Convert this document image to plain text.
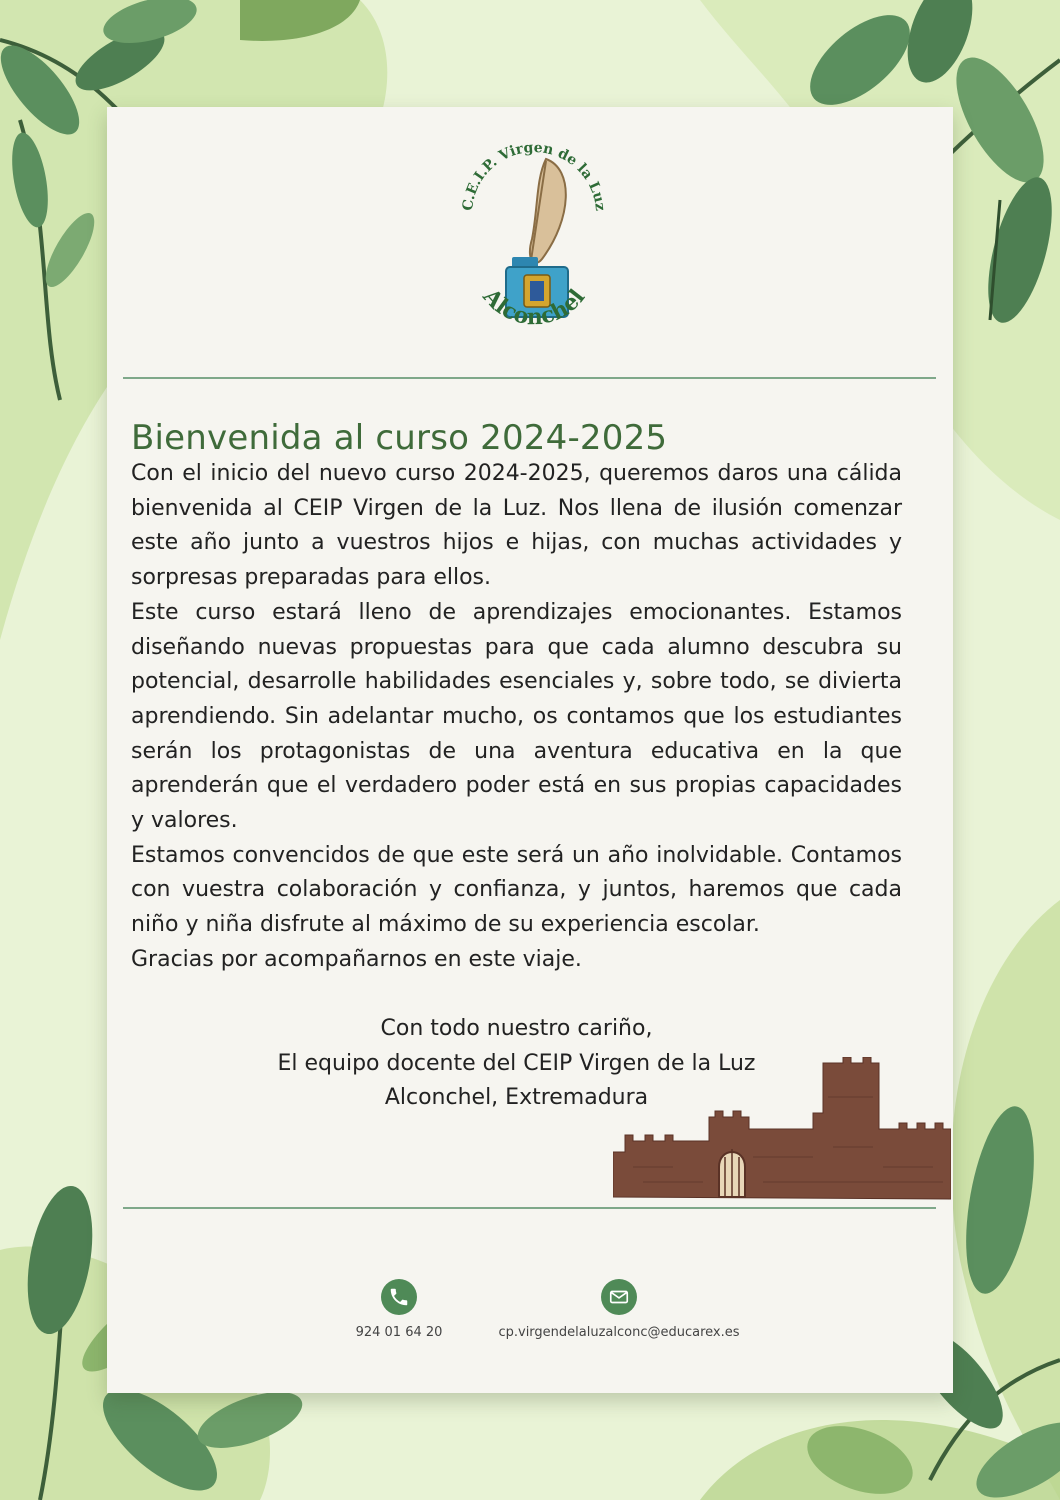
C.E.I.P. Virgen de la Luz
Alconchel
Bienvenida al curso 2024-2025

Con el inicio del nuevo curso 2024-2025, queremos daros una cálida bienvenida al CEIP Virgen de la Luz. Nos llena de ilusión comenzar este año junto a vuestros hijos e hijas, con muchas actividades y sorpresas preparadas para ellos.

Este curso estará lleno de aprendizajes emocionantes. Estamos diseñando nuevas propuestas para que cada alumno descubra su potencial, desarrolle habilidades esenciales y, sobre todo, se divierta aprendiendo. Sin adelantar mucho, os contamos que los estudiantes serán los protagonistas de una aventura educativa en la que aprenderán que el verdadero poder está en sus propias capacidades y valores.

Estamos convencidos de que este será un año inolvidable. Contamos con vuestra colaboración y confianza, y juntos, haremos que cada niño y niña disfrute al máximo de su experiencia escolar.

Gracias por acompañarnos en este viaje.

Con todo nuestro cariño,
El equipo docente del CEIP Virgen de la Luz
Alconchel, Extremadura
924 01 64 20	cp.virgendelaluzalconc@educarex.es
